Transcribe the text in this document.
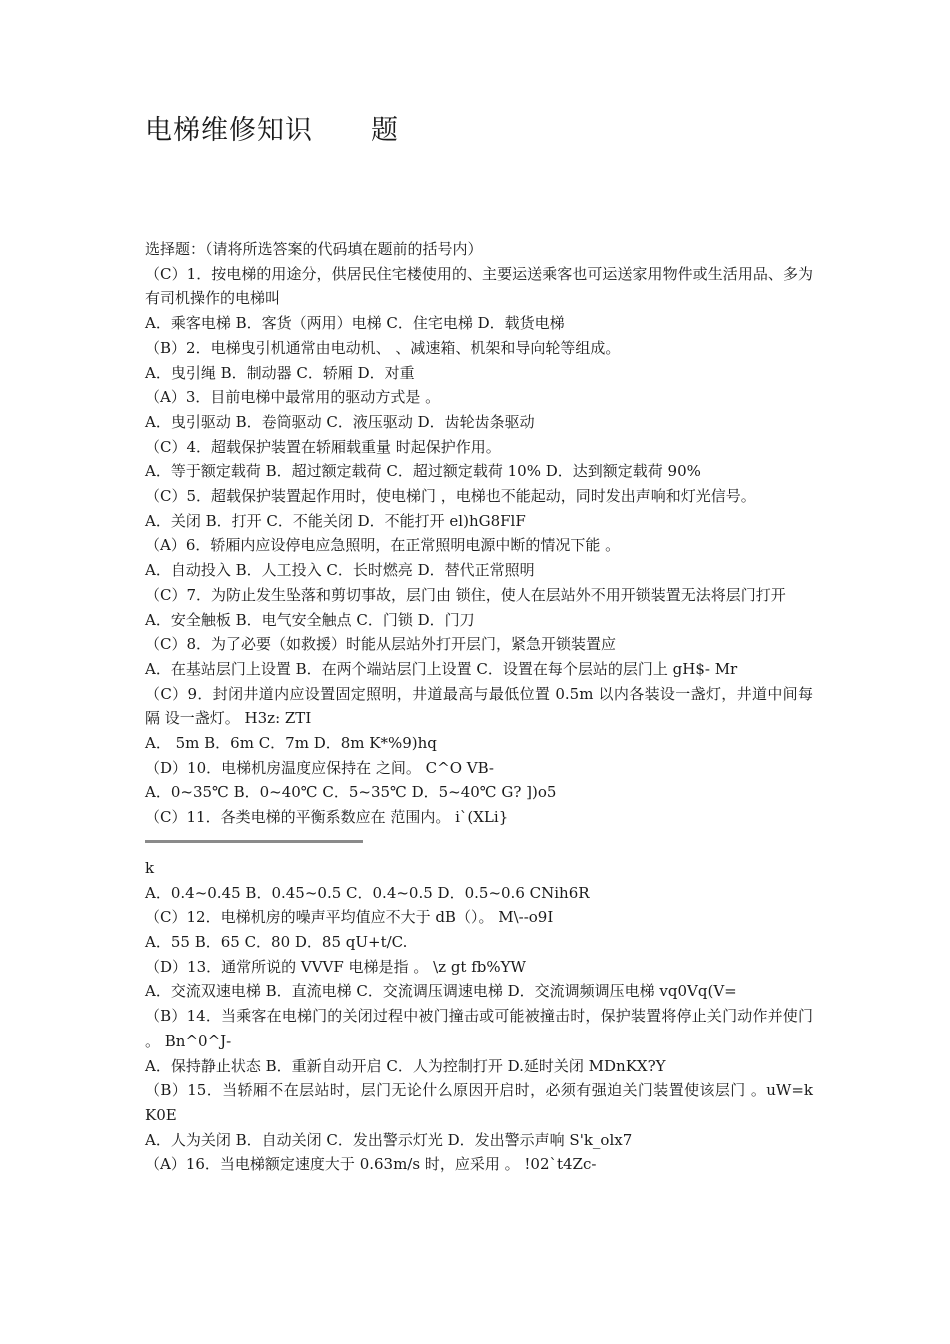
电梯维修知识 题
选择题：（请将所选答案的代码填在题前的括号内）
（C）1．按电梯的用途分，供居民住宅楼使用的、主要运送乘客也可运送家用物件或生活用品、多为有司机操作的电梯叫
A．乘客电梯 B．客货（两用）电梯 C．住宅电梯 D．载货电梯
（B）2．电梯曳引机通常由电动机、 、减速箱、机架和导向轮等组成。
A．曳引绳 B．制动器 C．轿厢 D．对重
（A）3．目前电梯中最常用的驱动方式是 。
A．曳引驱动 B．卷筒驱动 C．液压驱动 D．齿轮齿条驱动
（C）4．超载保护装置在轿厢载重量 时起保护作用。
A．等于额定载荷 B．超过额定载荷 C．超过额定载荷 10% D．达到额定载荷 90%
（C）5．超载保护装置起作用时，使电梯门 ，电梯也不能起动，同时发出声响和灯光信号。
A．关闭 B．打开 C．不能关闭 D．不能打开 el)hG8FlF
（A）6．轿厢内应设停电应急照明，在正常照明电源中断的情况下能 。
A．自动投入 B．人工投入 C．长时燃亮 D．替代正常照明
（C）7．为防止发生坠落和剪切事故，层门由 锁住，使人在层站外不用开锁装置无法将层门打开
A．安全触板 B．电气安全触点 C．门锁 D．门刀
（C）8．为了必要（如救援）时能从层站外打开层门，紧急开锁装置应
A．在基站层门上设置 B．在两个端站层门上设置 C．设置在每个层站的层门上 gH$- Mr
（C）9．封闭井道内应设置固定照明，井道最高与最低位置 0.5m 以内各装设一盏灯，井道中间每隔 设一盏灯。 H3z: ZTI
A． 5m B．6m C．7m D．8m K*%9)hq
（D）10．电梯机房温度应保持在 之间。 C^O VB-
A．0~35℃ B．0~40℃ C．5~35℃ D．5~40℃ G? ])o5
（C）11．各类电梯的平衡系数应在 范围内。 i`(XLi}
k
A．0.4~0.45 B．0.45~0.5 C．0.4~0.5 D．0.5~0.6 CNih6R
（C）12．电梯机房的噪声平均值应不大于 dB（）。 M\--o9I
A．55 B．65 C．80 D．85 qU+t/C.
（D）13．通常所说的 VVVF 电梯是指 。 \z gt fb%YW
A．交流双速电梯 B．直流电梯 C．交流调压调速电梯 D．交流调频调压电梯 vq0Vq(V=
（B）14．当乘客在电梯门的关闭过程中被门撞击或可能被撞击时，保护装置将停止关门动作并使门 。 Bn^0^J-
A．保持静止状态 B．重新自动开启 C．人为控制打开 D.延时关闭 MDnKX?Y
（B）15．当轿厢不在层站时，层门无论什么原因开启时，必须有强迫关门装置使该层门 。uW=k K0E
A．人为关闭 B．自动关闭 C．发出警示灯光 D．发出警示声响 S'k_olx7
（A）16．当电梯额定速度大于 0.63m/s 时，应采用 。 !02`t4Zc-
